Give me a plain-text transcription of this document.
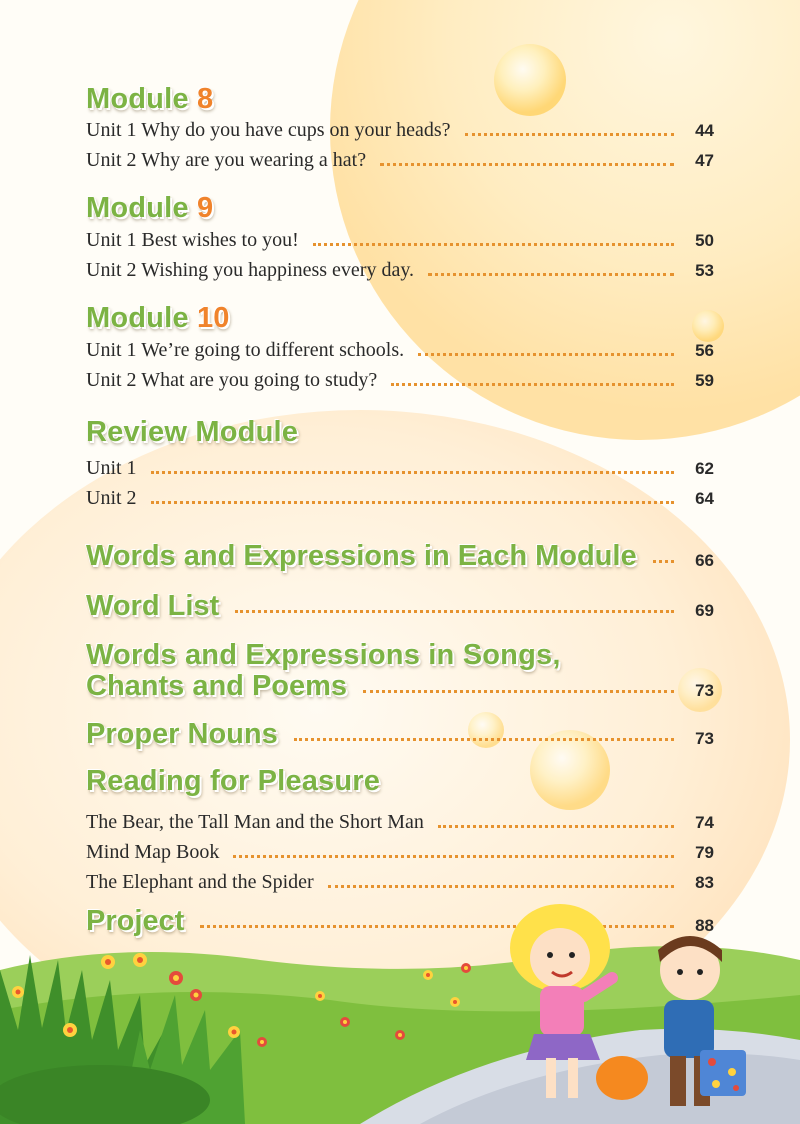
Module 8
Unit 1 Why do you have cups on your heads?	44
Unit 2 Why are you wearing a hat?	47
Module 9
Unit 1 Best wishes to you!	50
Unit 2 Wishing you happiness every day.	53
Module 10
Unit 1 We’re going to different schools.	56
Unit 2 What are you going to study?	59
Review Module
Unit 1	62
Unit 2	64
Words and Expressions in Each Module	66
Word List	69
Words and Expressions in Songs,
Chants and Poems	73
Proper Nouns	73
Reading for Pleasure
The Bear, the Tall Man and the Short Man	74
Mind Map Book	79
The Elephant and the Spider	83
Project	88
